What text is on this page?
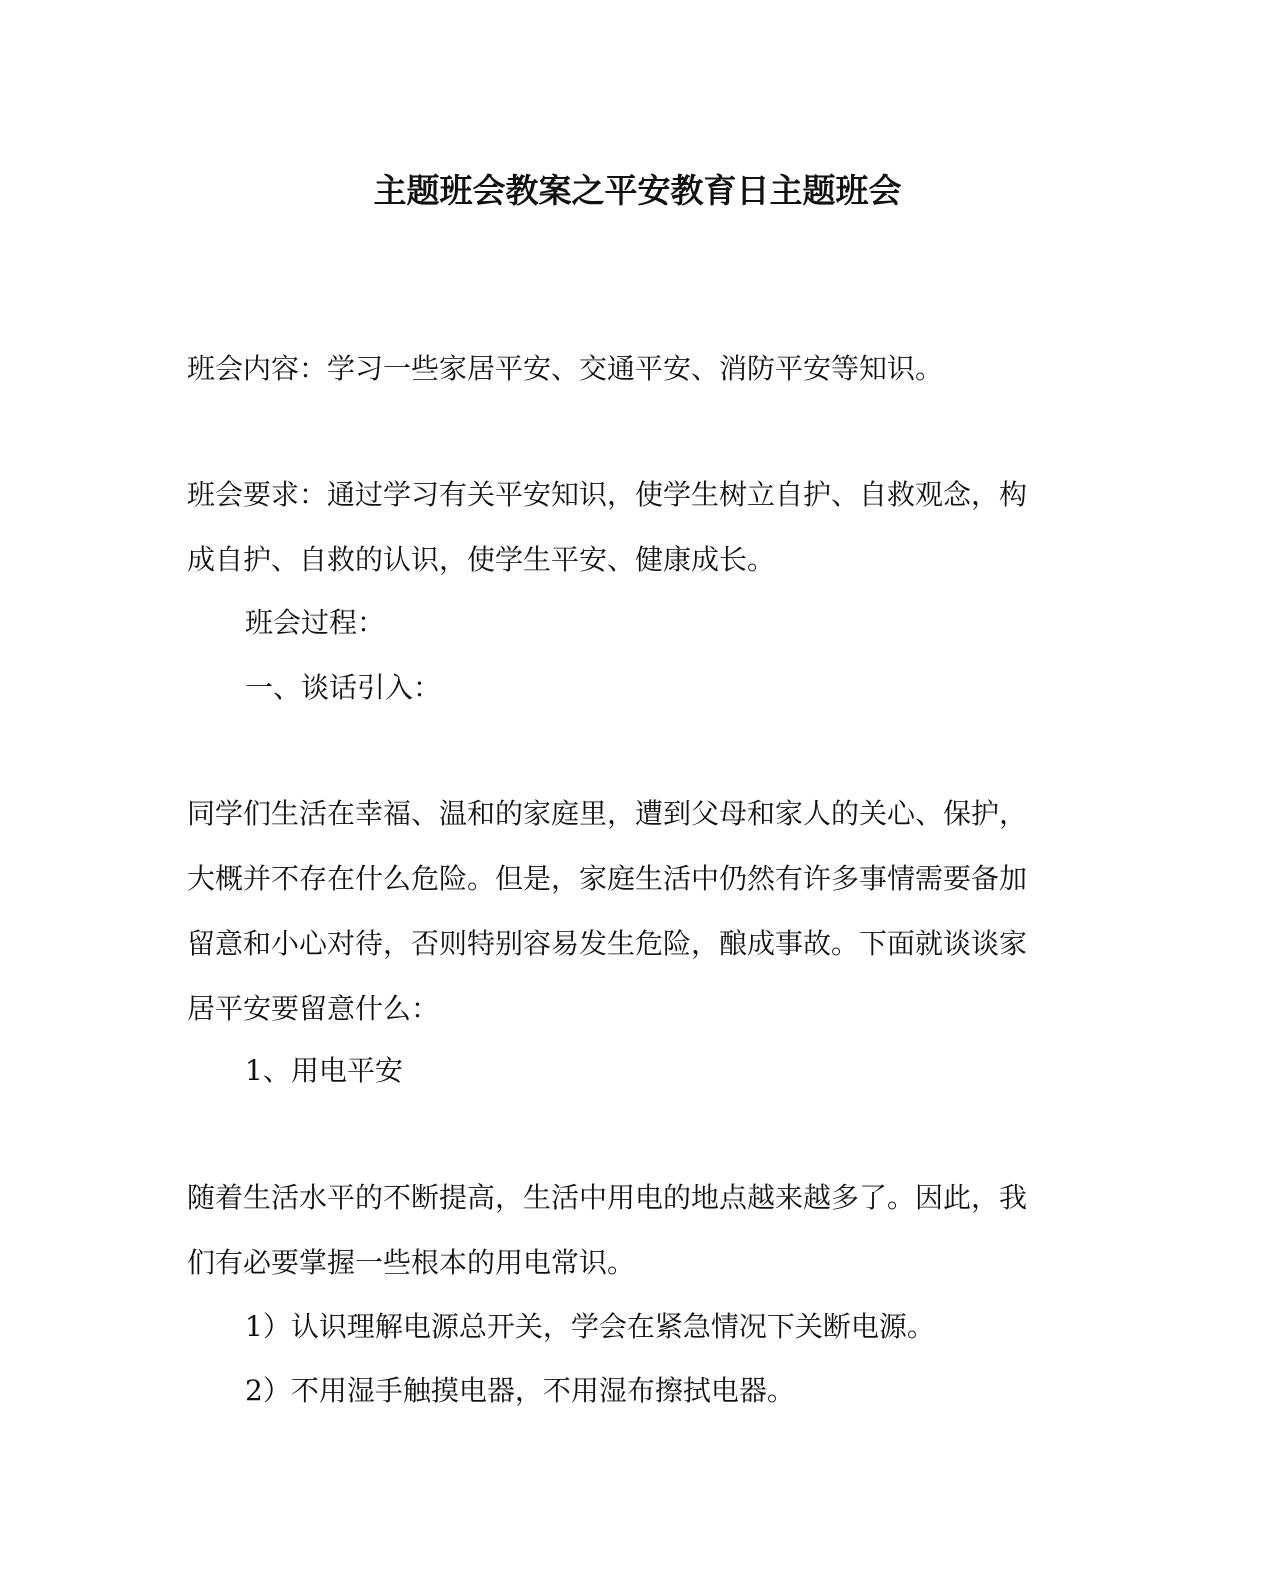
主题班会教案之平安教育日主题班会
班会内容：学习一些家居平安、交通平安、消防平安等知识。
班会要求：通过学习有关平安知识，使学生树立自护、自救观念，构
成自护、自救的认识，使学生平安、健康成长。
班会过程：
一、谈话引入：
同学们生活在幸福、温和的家庭里，遭到父母和家人的关心、保护，
大概并不存在什么危险。但是，家庭生活中仍然有许多事情需要备加
留意和小心对待，否则特别容易发生危险，酿成事故。下面就谈谈家
居平安要留意什么：
1、用电平安
随着生活水平的不断提高，生活中用电的地点越来越多了。因此，我
们有必要掌握一些根本的用电常识。
1）认识理解电源总开关，学会在紧急情况下关断电源。
2）不用湿手触摸电器，不用湿布擦拭电器。
